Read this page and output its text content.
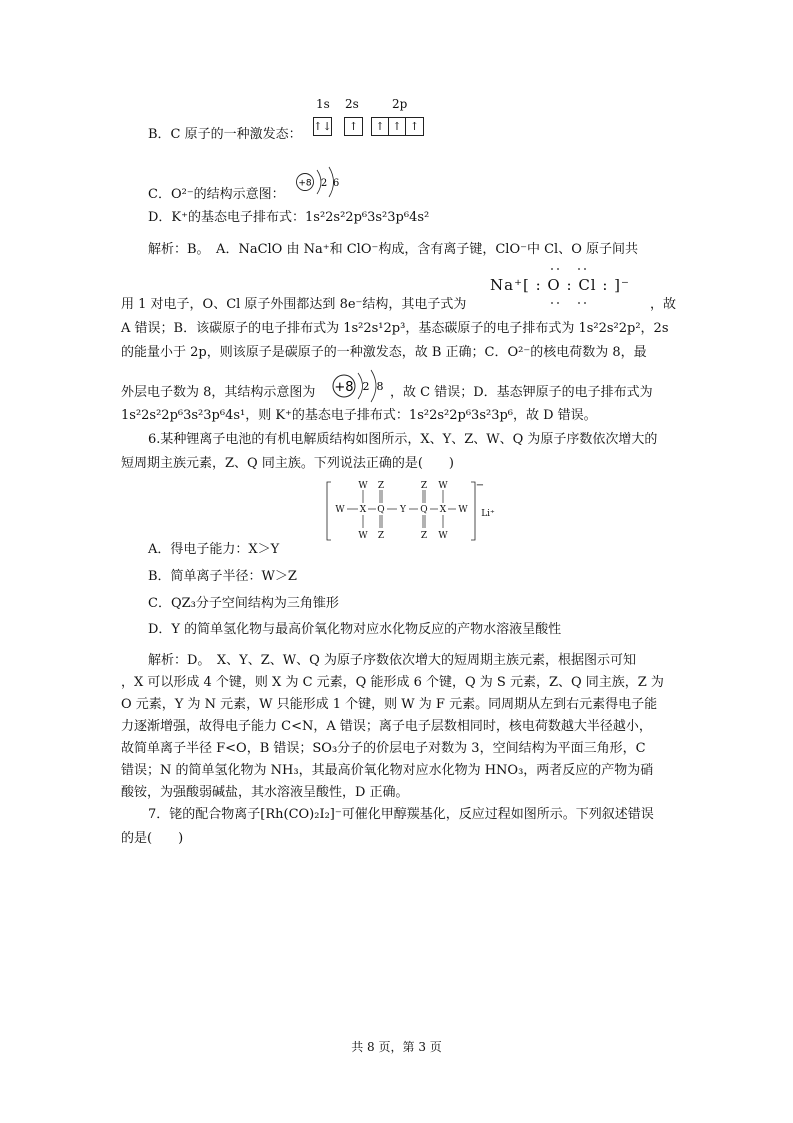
1s 2s	2p
B．C 原子的一种激发态：
↑↓	↑	↑ ↑ ↑
C．O²⁻的结构示意图：
+8 2 6
D．K⁺的基态电子排布式：1s²2s²2p⁶3s²3p⁶4s²
解析：B。　A．NaClO 由 Na⁺和 ClO⁻构成，含有离子键，ClO⁻中 Cl、O 原子间共
Na⁺[ : O : Cl : ]⁻
用 1 对电子，O、Cl 原子外围都达到 8e⁻结构，其电子式为	，故
A 错误；B．该碳原子的电子排布式为 1s²2s¹2p³，基态碳原子的电子排布式为 1s²2s²2p²，2s
的能量小于 2p，则该原子是碳原子的一种激发态，故 B 正确；C．O²⁻的核电荷数为 8，最
外层电子数为 8，其结构示意图为 +8 2 8 ，故 C 错误；D．基态钾原子的电子排布式为
1s²2s²2p⁶3s²3p⁶4s¹，则 K⁺的基态电子排布式：1s²2s²2p⁶3s²3p⁶，故 D 错误。
6.某种锂离子电池的有机电解质结构如图所示，X、Y、Z、W、Q 为原子序数依次增大的
短周期主族元素，Z、Q 同主族。下列说法正确的是(　　)
W Z	Z W
W X Q Y Q X W
W Z	Z W
−
Li⁺
A．得电子能力：X＞Y
B．简单离子半径：W＞Z
C．QZ₃分子空间结构为三角锥形
D．Y 的简单氢化物与最高价氧化物对应水化物反应的产物水溶液呈酸性
解析：D。　X、Y、Z、W、Q 为原子序数依次增大的短周期主族元素，根据图示可知
，X 可以形成 4 个键，则 X 为 C 元素，Q 能形成 6 个键，Q 为 S 元素，Z、Q 同主族，Z 为
O 元素，Y 为 N 元素，W 只能形成 1 个键，则 W 为 F 元素。同周期从左到右元素得电子能
力逐渐增强，故得电子能力 C<N，A 错误；离子电子层数相同时，核电荷数越大半径越小，
故简单离子半径 F<O，B 错误；SO₃分子的价层电子对数为 3，空间结构为平面三角形，C
错误；N 的简单氢化物为 NH₃，其最高价氧化物对应水化物为 HNO₃，两者反应的产物为硝
酸铵，为强酸弱碱盐，其水溶液呈酸性，D 正确。
7．铑的配合物离子[Rh(CO)₂I₂]⁻可催化甲醇羰基化，反应过程如图所示。下列叙述错误
的是(　　)
共 8 页，第 3 页
